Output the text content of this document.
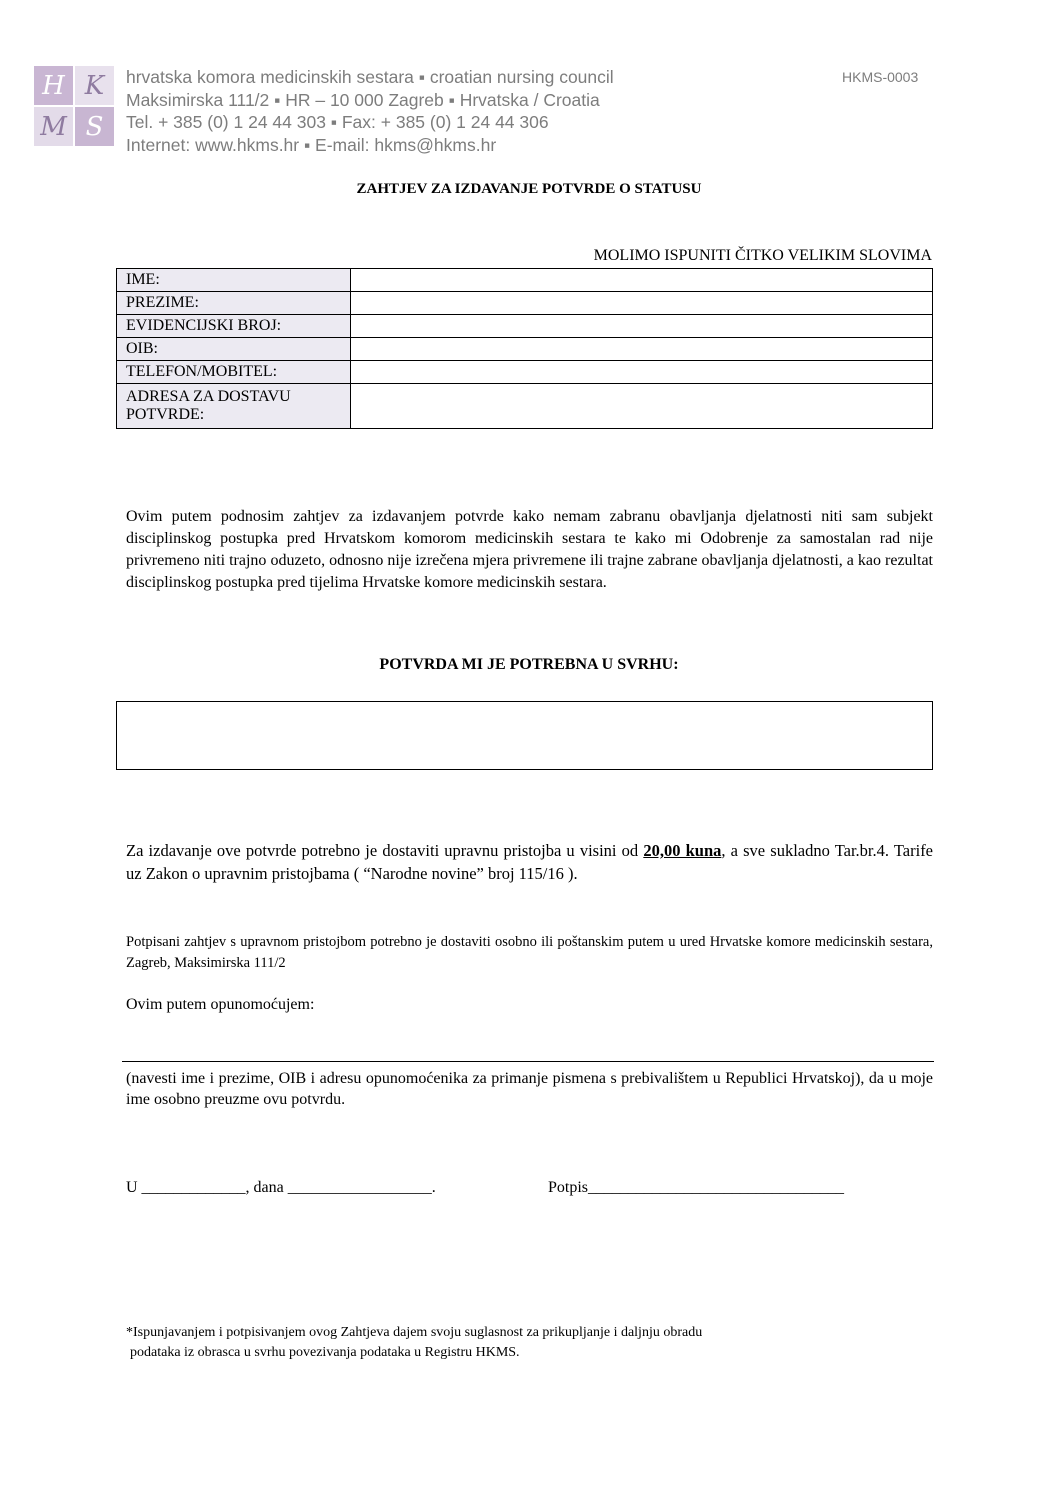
H K
M S
hrvatska komora medicinskih sestara ▪ croatian nursing council
Maksimirska 111/2 ▪ HR – 10 000 Zagreb ▪ Hrvatska / Croatia
Tel. + 385 (0) 1 24 44 303 ▪ Fax: + 385 (0) 1 24 44 306
Internet: www.hkms.hr ▪ E-mail: hkms@hkms.hr
HKMS-0003
ZAHTJEV ZA IZDAVANJE POTVRDE O STATUSU
MOLIMO ISPUNITI ČITKO VELIKIM SLOVIMA
IME:	
PREZIME:	
EVIDENCIJSKI BROJ:	
OIB:	
TELEFON/MOBITEL:	
ADRESA ZA DOSTAVU POTVRDE:	
Ovim putem podnosim zahtjev za izdavanjem potvrde kako nemam zabranu obavljanja djelatnosti niti sam subjekt disciplinskog postupka pred Hrvatskom komorom medicinskih sestara te kako mi Odobrenje za samostalan rad nije privremeno niti trajno oduzeto, odnosno nije izrečena mjera privremene ili trajne zabrane obavljanja djelatnosti, a kao rezultat disciplinskog postupka pred tijelima Hrvatske komore medicinskih sestara.
POTVRDA MI JE POTREBNA U SVRHU:
Za izdavanje ove potvrde potrebno je dostaviti upravnu pristojba u visini od 20,00 kuna, a sve sukladno Tar.br.4. Tarife uz Zakon o upravnim pristojbama ( “Narodne novine” broj 115/16 ).
Potpisani zahtjev s upravnom pristojbom potrebno je dostaviti osobno ili poštanskim putem u ured Hrvatske komore medicinskih sestara, Zagreb, Maksimirska 111/2
Ovim putem opunomoćujem:
(navesti ime i prezime, OIB i adresu opunomoćenika za primanje pismena s prebivalištem u Republici Hrvatskoj), da u moje ime osobno preuzme ovu potvrdu.
U _____________, dana __________________.	Potpis________________________________
*Ispunjavanjem i potpisivanjem ovog Zahtjeva dajem svoju suglasnost za prikupljanje i daljnju obradu
podataka iz obrasca u svrhu povezivanja podataka u Registru HKMS.
